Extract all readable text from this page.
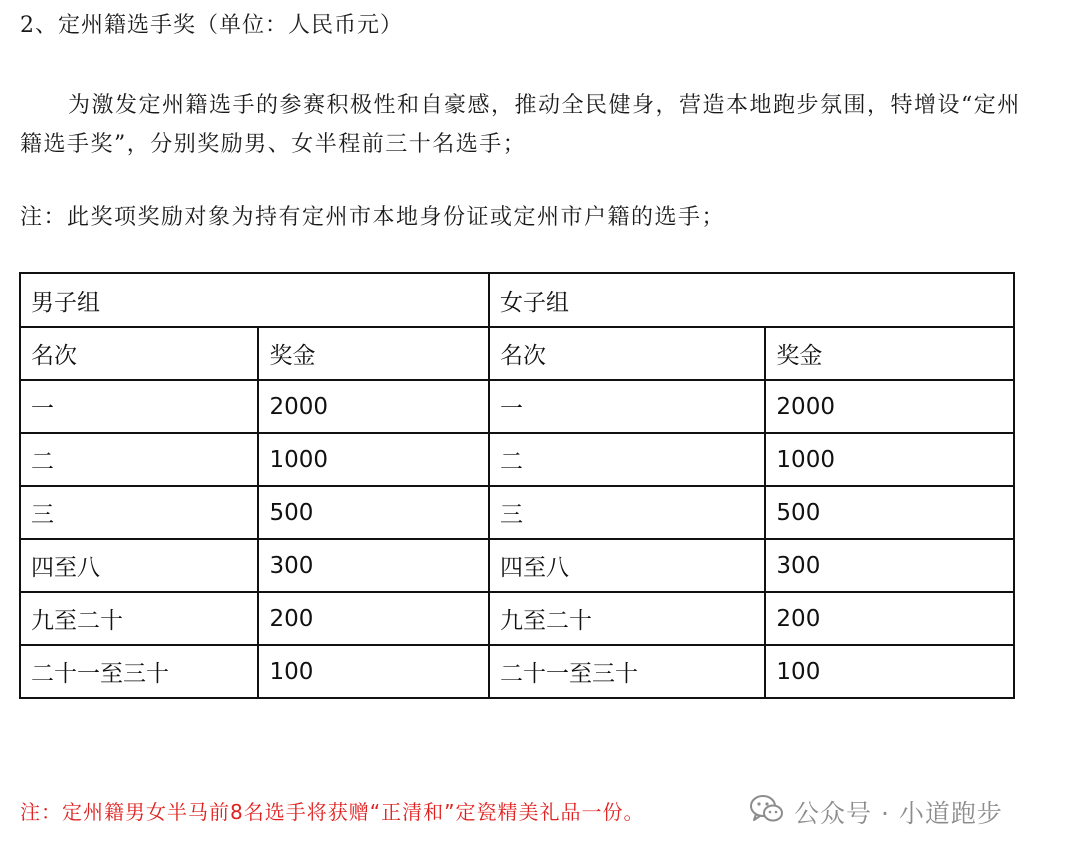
2、定州籍选手奖（单位：人民币元）
为激发定州籍选手的参赛积极性和自豪感，推动全民健身，营造本地跑步氛围，特增设“定州籍选手奖”，分别奖励男、女半程前三十名选手；
注：此奖项奖励对象为持有定州市本地身份证或定州市户籍的选手；
男子组		女子组	
名次	奖金	名次	奖金
一	2000	一	2000
二	1000	二	1000
三	500	三	500
四至八	300	四至八	300
九至二十	200	九至二十	200
二十一至三十	100	二十一至三十	100
注：定州籍男女半马前8名选手将获赠“正清和”定瓷精美礼品一份。	公众号 · 小道跑步
